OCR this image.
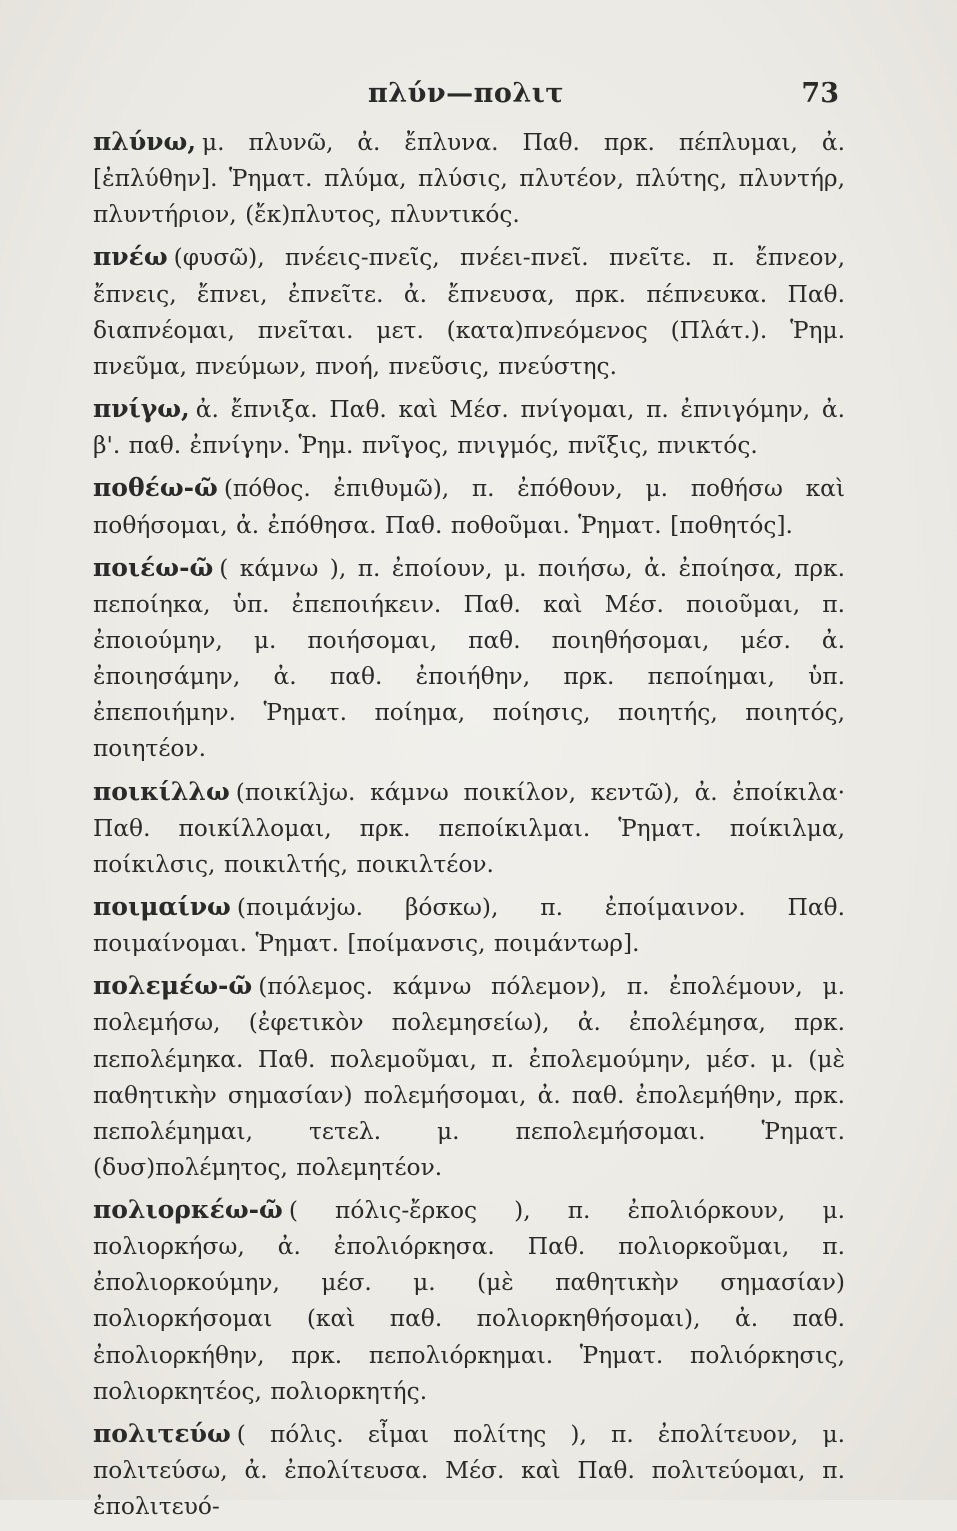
πλύν—πολιτ	73

πλύνω, μ. πλυνῶ, ἀ. ἔπλυνα. Παθ. πρκ. πέπλυμαι, ἀ. [ἐπλύθην]. Ῥηματ. πλύμα, πλύσις, πλυτέον, πλύτης, πλυντήρ, πλυντήριον, (ἔκ)πλυτος, πλυντικός.

πνέω (φυσῶ), πνέεις-πνεῖς, πνέει-πνεῖ. πνεῖτε. π. ἔπνεον, ἔπνεις, ἔπνει, ἐπνεῖτε. ἀ. ἔπνευσα, πρκ. πέπνευκα. Παθ. διαπνέομαι, πνεῖται. μετ. (κατα)πνεόμενος (Πλάτ.). Ῥημ. πνεῦμα, πνεύμων, πνοή, πνεῦσις, πνεύστης.

πνίγω, ἀ. ἔπνιξα. Παθ. καὶ Μέσ. πνίγομαι, π. ἐπνιγόμην, ἀ. β'. παθ. ἐπνίγην. Ῥημ. πνῖγος, πνιγμός, πνῖξις, πνικτός.

ποθέω-ῶ (πόθος. ἐπιθυμῶ), π. ἐπόθουν, μ. ποθήσω καὶ ποθήσομαι, ἀ. ἐπόθησα. Παθ. ποθοῦμαι. Ῥηματ. [ποθητός].

ποιέω-ῶ ( κάμνω ), π. ἐποίουν, μ. ποιήσω, ἀ. ἐποίησα, πρκ. πεποίηκα, ὑπ. ἐπεποιήκειν. Παθ. καὶ Μέσ. ποιοῦμαι, π. ἐποιούμην, μ. ποιήσομαι, παθ. ποιηθήσομαι, μέσ. ἀ. ἐποιησάμην, ἀ. παθ. ἐποιήθην, πρκ. πεποίημαι, ὑπ. ἐπεποιήμην. Ῥηματ. ποίημα, ποίησις, ποιητής, ποιητός, ποιητέον.

ποικίλλω (ποικίλjω. κάμνω ποικίλον, κεντῶ), ἀ. ἐποίκιλα· Παθ. ποικίλλομαι, πρκ. πεποίκιλμαι. Ῥηματ. ποίκιλμα, ποίκιλσις, ποικιλτής, ποικιλτέον.

ποιμαίνω (ποιμάνjω. βόσκω), π. ἐποίμαινον. Παθ. ποιμαίνομαι. Ῥηματ. [ποίμανσις, ποιμάντωρ].

πολεμέω-ῶ (πόλεμος. κάμνω πόλεμον), π. ἐπολέμουν, μ. πολεμήσω, (ἐφετικὸν πολεμησείω), ἀ. ἐπολέμησα, πρκ. πεπολέμηκα. Παθ. πολεμοῦμαι, π. ἐπολεμούμην, μέσ. μ. (μὲ παθητικὴν σημασίαν) πολεμήσομαι, ἀ. παθ. ἐπολεμήθην, πρκ. πεπολέμημαι, τετελ. μ. πεπολεμήσομαι. Ῥηματ. (δυσ)πολέμητος, πολεμητέον.

πολιορκέω-ῶ ( πόλις-ἔρκος ), π. ἐπολιόρκουν, μ. πολιορκήσω, ἀ. ἐπολιόρκησα. Παθ. πολιορκοῦμαι, π. ἐπολιορκούμην, μέσ. μ. (μὲ παθητικὴν σημασίαν) πολιορκήσομαι (καὶ παθ. πολιορκηθήσομαι), ἀ. παθ. ἐπολιορκήθην, πρκ. πεπολιόρκημαι. Ῥηματ. πολιόρκησις, πολιορκητέος, πολιορκητής.

πολιτεύω ( πόλις. εἶμαι πολίτης ), π. ἐπολίτευον, μ. πολιτεύσω, ἀ. ἐπολίτευσα. Μέσ. καὶ Παθ. πολιτεύομαι, π. ἐπολιτευό-
